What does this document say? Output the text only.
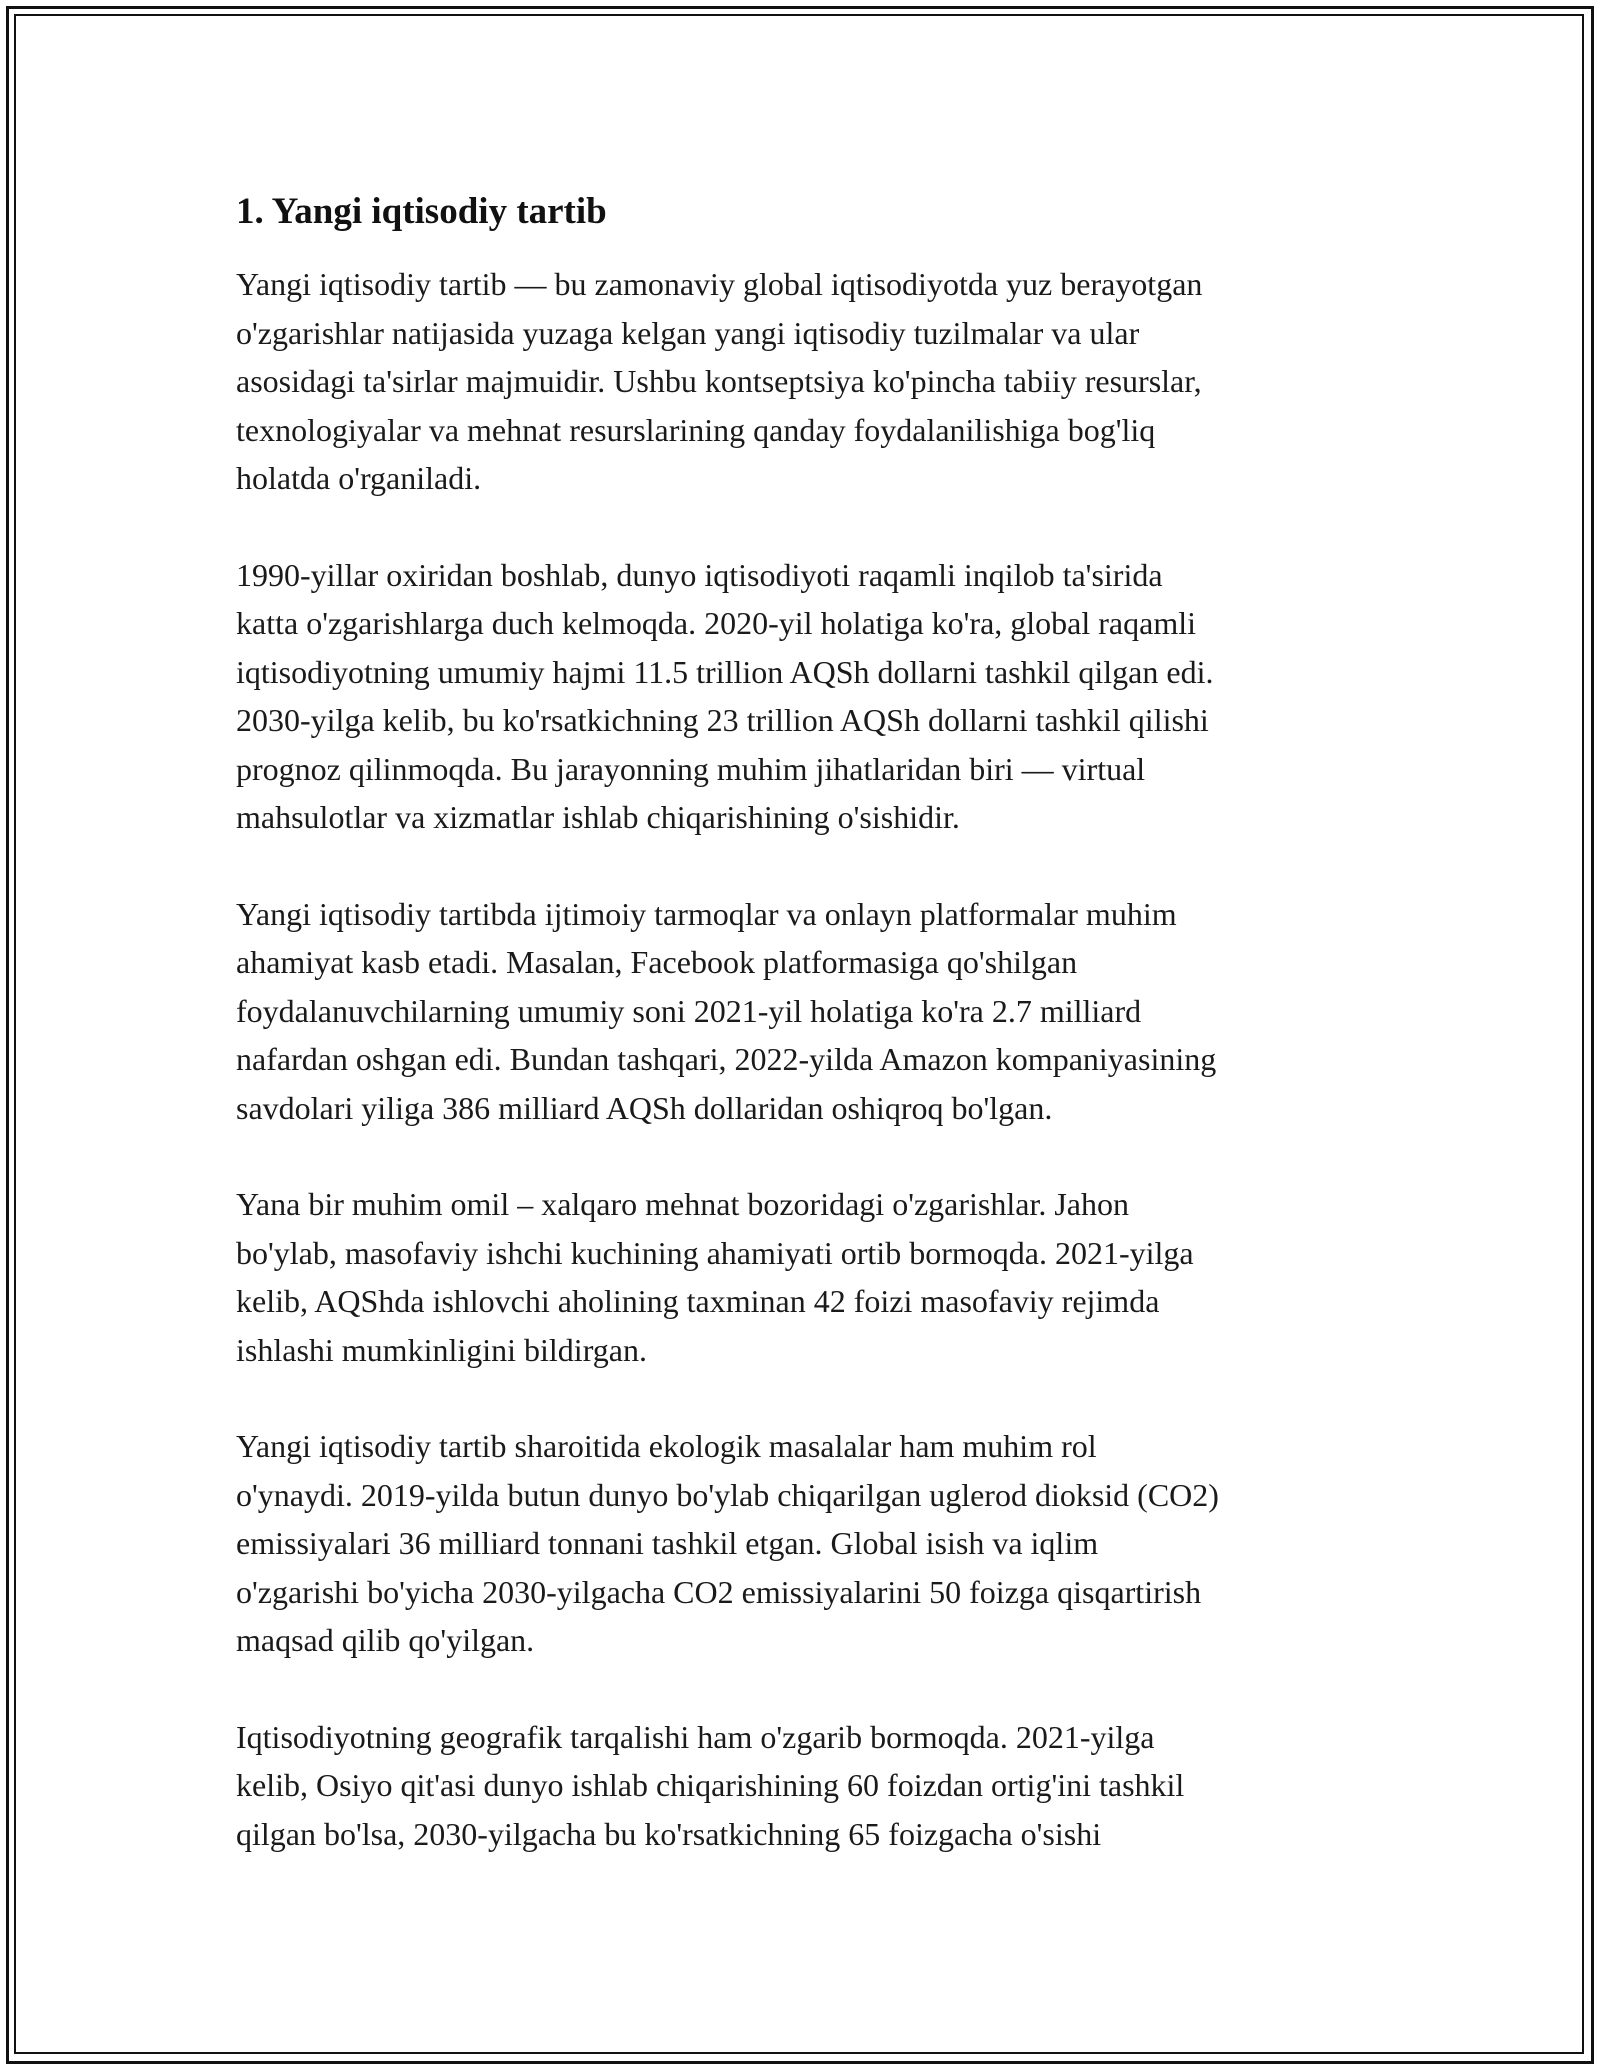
1. Yangi iqtisodiy tartib

Yangi iqtisodiy tartib — bu zamonaviy global iqtisodiyotda yuz berayotgan
o'zgarishlar natijasida yuzaga kelgan yangi iqtisodiy tuzilmalar va ular
asosidagi ta'sirlar majmuidir. Ushbu kontseptsiya ko'pincha tabiiy resurslar,
texnologiyalar va mehnat resurslarining qanday foydalanilishiga bog'liq
holatda o'rganiladi.

1990-yillar oxiridan boshlab, dunyo iqtisodiyoti raqamli inqilob ta'sirida
katta o'zgarishlarga duch kelmoqda. 2020-yil holatiga ko'ra, global raqamli
iqtisodiyotning umumiy hajmi 11.5 trillion AQSh dollarni tashkil qilgan edi.
2030-yilga kelib, bu ko'rsatkichning 23 trillion AQSh dollarni tashkil qilishi
prognoz qilinmoqda. Bu jarayonning muhim jihatlaridan biri — virtual
mahsulotlar va xizmatlar ishlab chiqarishining o'sishidir.

Yangi iqtisodiy tartibda ijtimoiy tarmoqlar va onlayn platformalar muhim
ahamiyat kasb etadi. Masalan, Facebook platformasiga qo'shilgan
foydalanuvchilarning umumiy soni 2021-yil holatiga ko'ra 2.7 milliard
nafardan oshgan edi. Bundan tashqari, 2022-yilda Amazon kompaniyasining
savdolari yiliga 386 milliard AQSh dollaridan oshiqroq bo'lgan.

Yana bir muhim omil – xalqaro mehnat bozoridagi o'zgarishlar. Jahon
bo'ylab, masofaviy ishchi kuchining ahamiyati ortib bormoqda. 2021-yilga
kelib, AQShda ishlovchi aholining taxminan 42 foizi masofaviy rejimda
ishlashi mumkinligini bildirgan.

Yangi iqtisodiy tartib sharoitida ekologik masalalar ham muhim rol
o'ynaydi. 2019-yilda butun dunyo bo'ylab chiqarilgan uglerod dioksid (CO2)
emissiyalari 36 milliard tonnani tashkil etgan. Global isish va iqlim
o'zgarishi bo'yicha 2030-yilgacha CO2 emissiyalarini 50 foizga qisqartirish
maqsad qilib qo'yilgan.

Iqtisodiyotning geografik tarqalishi ham o'zgarib bormoqda. 2021-yilga
kelib, Osiyo qit'asi dunyo ishlab chiqarishining 60 foizdan ortig'ini tashkil
qilgan bo'lsa, 2030-yilgacha bu ko'rsatkichning 65 foizgacha o'sishi
